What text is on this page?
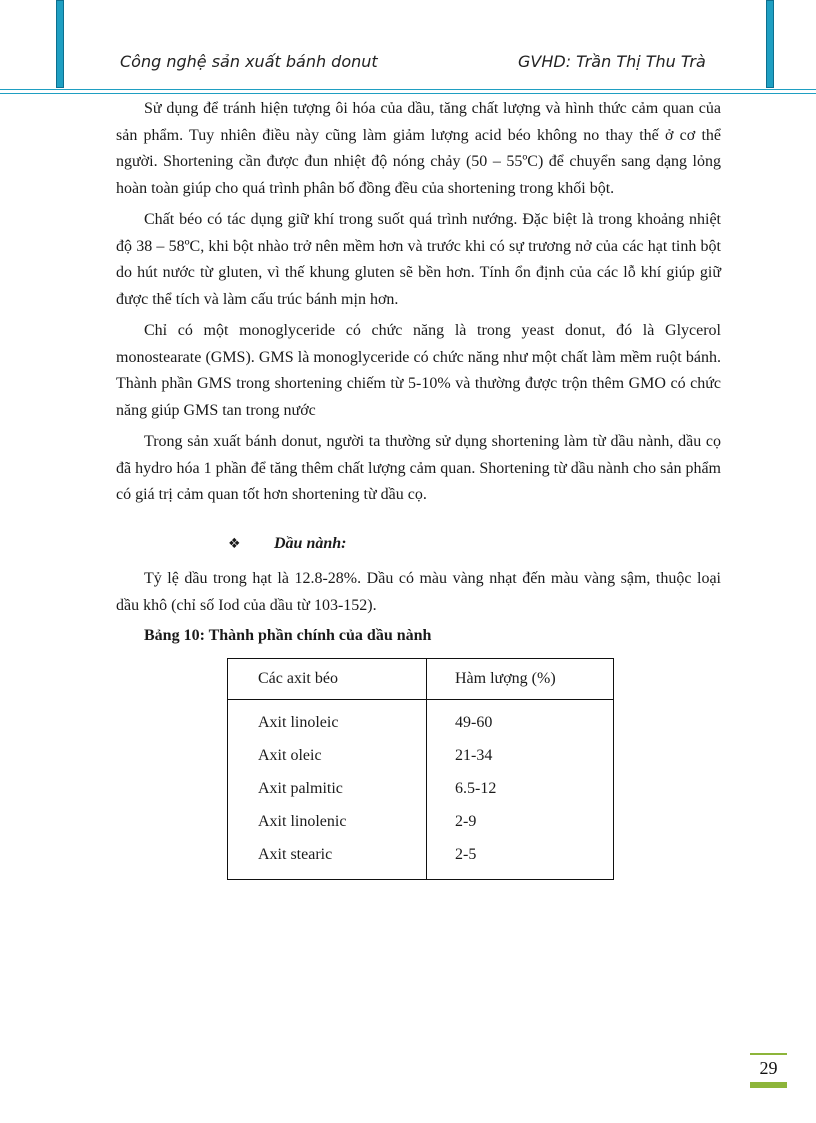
Công nghệ sản xuất bánh donut	GVHD: Trần Thị Thu Trà

Sử dụng để tránh hiện tượng ôi hóa của dầu, tăng chất lượng và hình thức cảm quan của sản phẩm. Tuy nhiên điều này cũng làm giảm lượng acid béo không no thay thế ở cơ thể người. Shortening cần được đun nhiệt độ nóng chảy (50 – 55ºC) để chuyển sang dạng lỏng hoàn toàn giúp cho quá trình phân bố đồng đều của shortening trong khối bột.

Chất béo có tác dụng giữ khí trong suốt quá trình nướng. Đặc biệt là trong khoảng nhiệt độ 38 – 58ºC, khi bột nhào trở nên mềm hơn và trước khi có sự trương nở của các hạt tinh bột do hút nước từ gluten, vì thế khung gluten sẽ bền hơn. Tính ổn định của các lỗ khí giúp giữ được thể tích và làm cấu trúc bánh mịn hơn.

Chỉ có một monoglyceride có chức năng là trong yeast donut, đó là Glycerol monostearate (GMS). GMS là monoglyceride có chức năng như một chất làm mềm ruột bánh. Thành phần GMS trong shortening chiếm từ 5-10% và thường được trộn thêm GMO có chức năng giúp GMS tan trong nước

Trong sản xuất bánh donut, người ta thường sử dụng shortening làm từ dầu nành, dầu cọ đã hydro hóa 1 phần để tăng thêm chất lượng cảm quan. Shortening từ dầu nành cho sản phẩm có giá trị cảm quan tốt hơn shortening từ dầu cọ.

❖ Dầu nành:

Tỷ lệ dầu trong hạt là 12.8-28%. Dầu có màu vàng nhạt đến màu vàng sậm, thuộc loại dầu khô (chỉ số Iod của dầu từ 103-152).

Bảng 10: Thành phần chính của dầu nành
Các axit béo	Hàm lượng (%)
Axit linoleic	49-60
Axit oleic	21-34
Axit palmitic	6.5-12
Axit linolenic	2-9
Axit stearic	2-5
29
